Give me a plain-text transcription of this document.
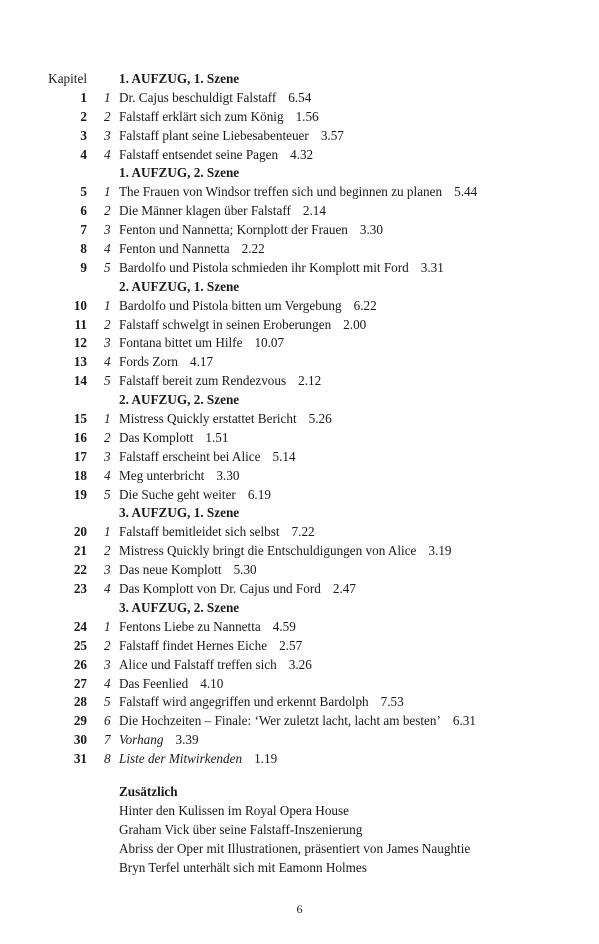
Kapitel 1. AUFZUG, 1. Szene
1 1 Dr. Cajus beschuldigt Falstaff 6.54
2 2 Falstaff erklärt sich zum König 1.56
3 3 Falstaff plant seine Liebesabenteuer 3.57
4 4 Falstaff entsendet seine Pagen 4.32
1. AUFZUG, 2. Szene
5 1 The Frauen von Windsor treffen sich und beginnen zu planen 5.44
6 2 Die Männer klagen über Falstaff 2.14
7 3 Fenton und Nannetta; Kornplott der Frauen 3.30
8 4 Fenton und Nannetta 2.22
9 5 Bardolfo und Pistola schmieden ihr Komplott mit Ford 3.31
2. AUFZUG, 1. Szene
10 1 Bardolfo und Pistola bitten um Vergebung 6.22
11 2 Falstaff schwelgt in seinen Eroberungen 2.00
12 3 Fontana bittet um Hilfe 10.07
13 4 Fords Zorn 4.17
14 5 Falstaff bereit zum Rendezvous 2.12
2. AUFZUG, 2. Szene
15 1 Mistress Quickly erstattet Bericht 5.26
16 2 Das Komplott 1.51
17 3 Falstaff erscheint bei Alice 5.14
18 4 Meg unterbricht 3.30
19 5 Die Suche geht weiter 6.19
3. AUFZUG, 1. Szene
20 1 Falstaff bemitleidet sich selbst 7.22
21 2 Mistress Quickly bringt die Entschuldigungen von Alice 3.19
22 3 Das neue Komplott 5.30
23 4 Das Komplott von Dr. Cajus und Ford 2.47
3. AUFZUG, 2. Szene
24 1 Fentons Liebe zu Nannetta 4.59
25 2 Falstaff findet Hernes Eiche 2.57
26 3 Alice und Falstaff treffen sich 3.26
27 4 Das Feenlied 4.10
28 5 Falstaff wird angegriffen und erkennt Bardolph 7.53
29 6 Die Hochzeiten – Finale: ‘Wer zuletzt lacht, lacht am besten’ 6.31
30 7 Vorhang 3.39
31 8 Liste der Mitwirkenden 1.19
Zusätzlich
Hinter den Kulissen im Royal Opera House
Graham Vick über seine Falstaff-Inszenierung
Abriss der Oper mit Illustrationen, präsentiert von James Naughtie
Bryn Terfel unterhält sich mit Eamonn Holmes
6
